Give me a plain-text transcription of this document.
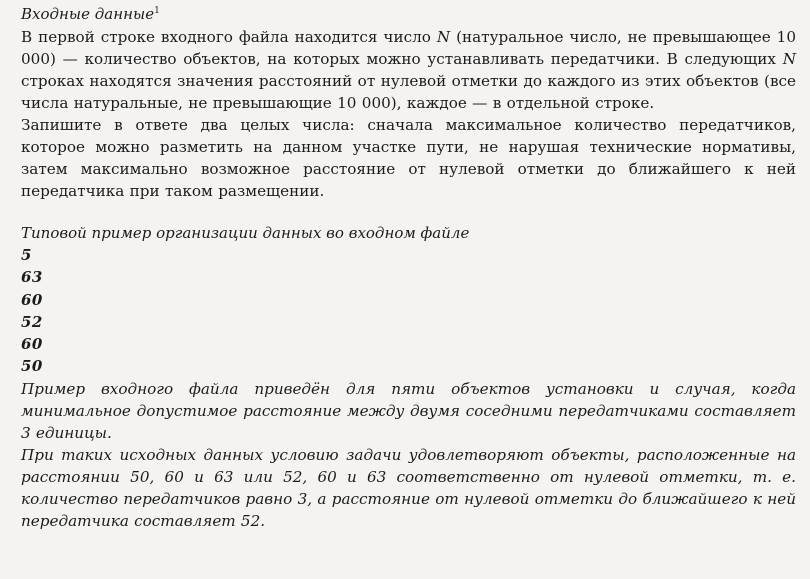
Входные данные$^1$

В первой строке входного файла находится число N (натуральное число, не превышающее 10 000) — количество объектов, на которых можно устанавливать передатчики. В следующих N строках находятся значения расстояний от нулевой отметки до каждого из этих объектов (все числа натуральные, не превышающие 10 000), каждое — в отдельной строке.

Запишите в ответе два целых числа: сначала максимальное количество передатчиков, которое можно разметить на данном участке пути, не нарушая технические нормативы, затем максимально возможное расстояние от нулевой отметки до ближайшего к ней передатчика при таком размещении.

Типовой пример организации данных во входном файле

5
63
60
52
60
50

Пример входного файла приведён для пяти объектов установки и случая, когда минимальное допустимое расстояние между двумя соседними передатчиками составляет 3 единицы.

При таких исходных данных условию задачи удовлетворяют объекты, расположенные на расстоянии 50, 60 и 63 или 52, 60 и 63 соответственно от нулевой отметки, т. е. количество передатчиков равно 3, а расстояние от нулевой отметки до ближайшего к ней передатчика составляет 52.
